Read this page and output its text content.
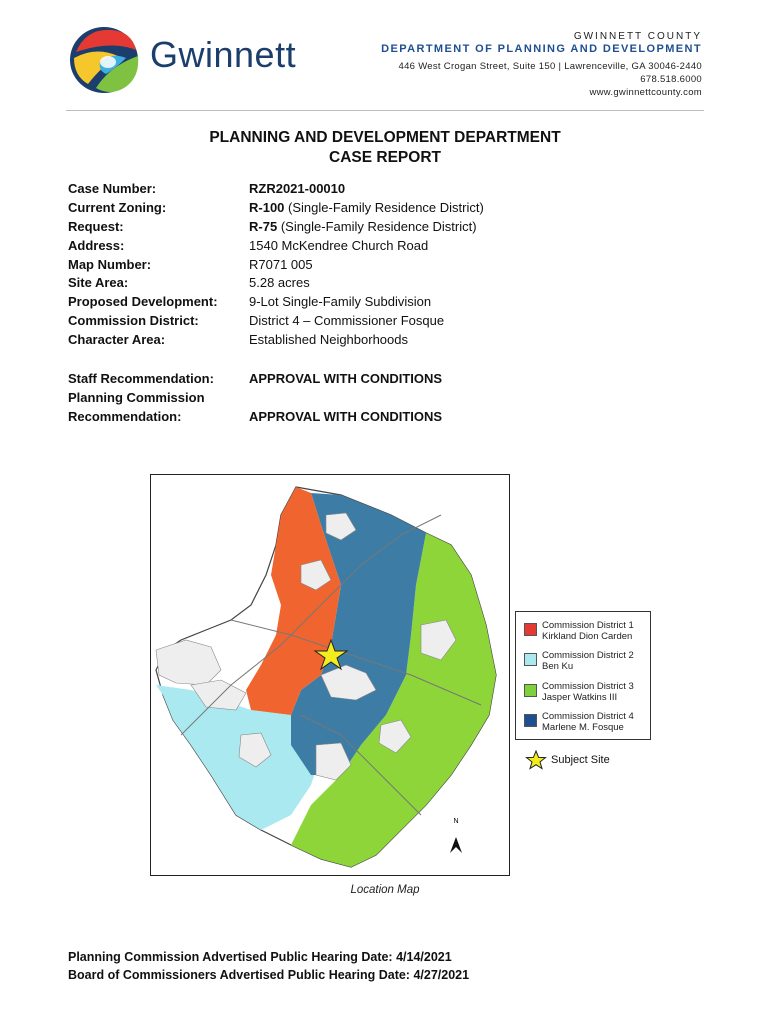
Gwinnett	GWINNETT COUNTY
DEPARTMENT OF PLANNING AND DEVELOPMENT
446 West Crogan Street, Suite 150 | Lawrenceville, GA 30046-2440
678.518.6000
www.gwinnettcounty.com
PLANNING AND DEVELOPMENT DEPARTMENT
CASE REPORT
Case Number:	RZR2021-00010
Current Zoning:	R-100 (Single-Family Residence District)
Request:	R-75 (Single-Family Residence District)
Address:	1540 McKendree Church Road
Map Number:	R7071 005
Site Area:	5.28 acres
Proposed Development:	9-Lot Single-Family Subdivision
Commission District:	District 4 – Commissioner Fosque
Character Area:	Established Neighborhoods
Staff Recommendation:	APPROVAL WITH CONDITIONS
Planning Commission
Recommendation:	APPROVAL WITH CONDITIONS
N
Commission District 1
Kirkland Dion Carden
Commission District 2
Ben Ku
Commission District 3
Jasper Watkins III
Commission District 4
Marlene M. Fosque
Subject Site
Location Map
Planning Commission Advertised Public Hearing Date: 4/14/2021
Board of Commissioners Advertised Public Hearing Date: 4/27/2021
